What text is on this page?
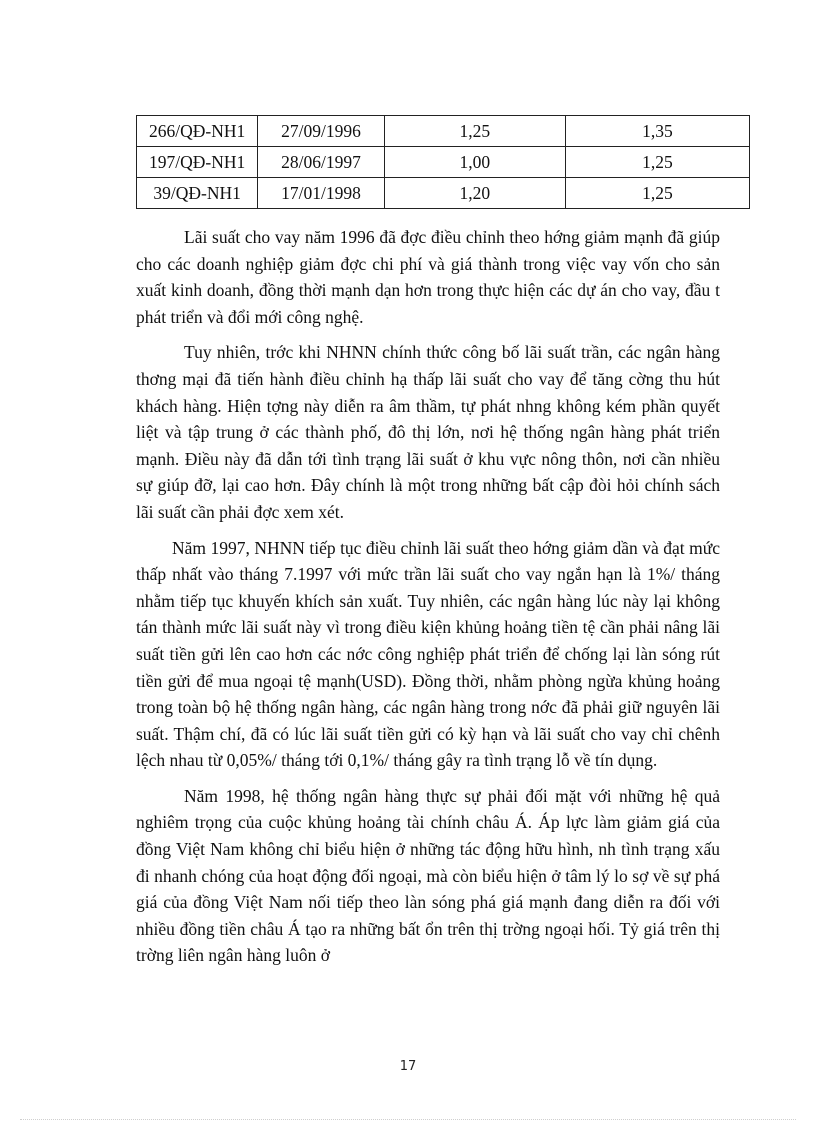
266/QĐ-NH1	27/09/1996	1,25	1,35
197/QĐ-NH1	28/06/1997	1,00	1,25
39/QĐ-NH1	17/01/1998	1,20	1,25

Lãi suất cho vay năm 1996 đã đợc điều chỉnh theo hớng giảm mạnh đã giúp cho các doanh nghiệp giảm đợc chi phí và giá thành trong việc vay vốn cho sản xuất kinh doanh, đồng thời mạnh dạn hơn trong thực hiện các dự án cho vay, đầu t phát triển và đổi mới công nghệ.

Tuy nhiên, trớc khi NHNN chính thức công bố lãi suất trần, các ngân hàng thơng mại đã tiến hành điều chỉnh hạ thấp lãi suất cho vay để tăng cờng thu hút khách hàng. Hiện tợng này diễn ra âm thầm, tự phát nhng không kém phần quyết liệt và tập trung ở các thành phố, đô thị lớn, nơi hệ thống ngân hàng phát triển mạnh. Điều này đã dẫn tới tình trạng lãi suất ở khu vực nông thôn, nơi cần nhiều sự giúp đỡ, lại cao hơn. Đây chính là một trong những bất cập đòi hỏi chính sách lãi suất cần phải đợc xem xét.

Năm 1997, NHNN tiếp tục điều chỉnh lãi suất theo hớng giảm dần và đạt mức thấp nhất vào tháng 7.1997 với mức trần lãi suất cho vay ngắn hạn là 1%/ tháng nhằm tiếp tục khuyến khích sản xuất. Tuy nhiên, các ngân hàng lúc này lại không tán thành mức lãi suất này vì trong điều kiện khủng hoảng tiền tệ cần phải nâng lãi suất tiền gửi lên cao hơn các nớc công nghiệp phát triển để chống lại làn sóng rút tiền gửi để mua ngoại tệ mạnh(USD). Đồng thời, nhằm phòng ngừa khủng hoảng trong toàn bộ hệ thống ngân hàng, các ngân hàng trong nớc đã phải giữ nguyên lãi suất. Thậm chí, đã có lúc lãi suất tiền gửi có kỳ hạn và lãi suất cho vay chỉ chênh lệch nhau từ 0,05%/ tháng tới 0,1%/ tháng gây ra tình trạng lỗ về tín dụng.

Năm 1998, hệ thống ngân hàng thực sự phải đối mặt với những hệ quả nghiêm trọng của cuộc khủng hoảng tài chính châu Á. Áp lực làm giảm giá của đồng Việt Nam không chỉ biểu hiện ở những tác động hữu hình, nh tình trạng xấu đi nhanh chóng của hoạt động đối ngoại, mà còn biểu hiện ở tâm lý lo sợ về sự phá giá của đồng Việt Nam nối tiếp theo làn sóng phá giá mạnh đang diễn ra đối với nhiều đồng tiền châu Á tạo ra những bất ổn trên thị trờng ngoại hối. Tỷ giá trên thị trờng liên ngân hàng luôn ở

17
